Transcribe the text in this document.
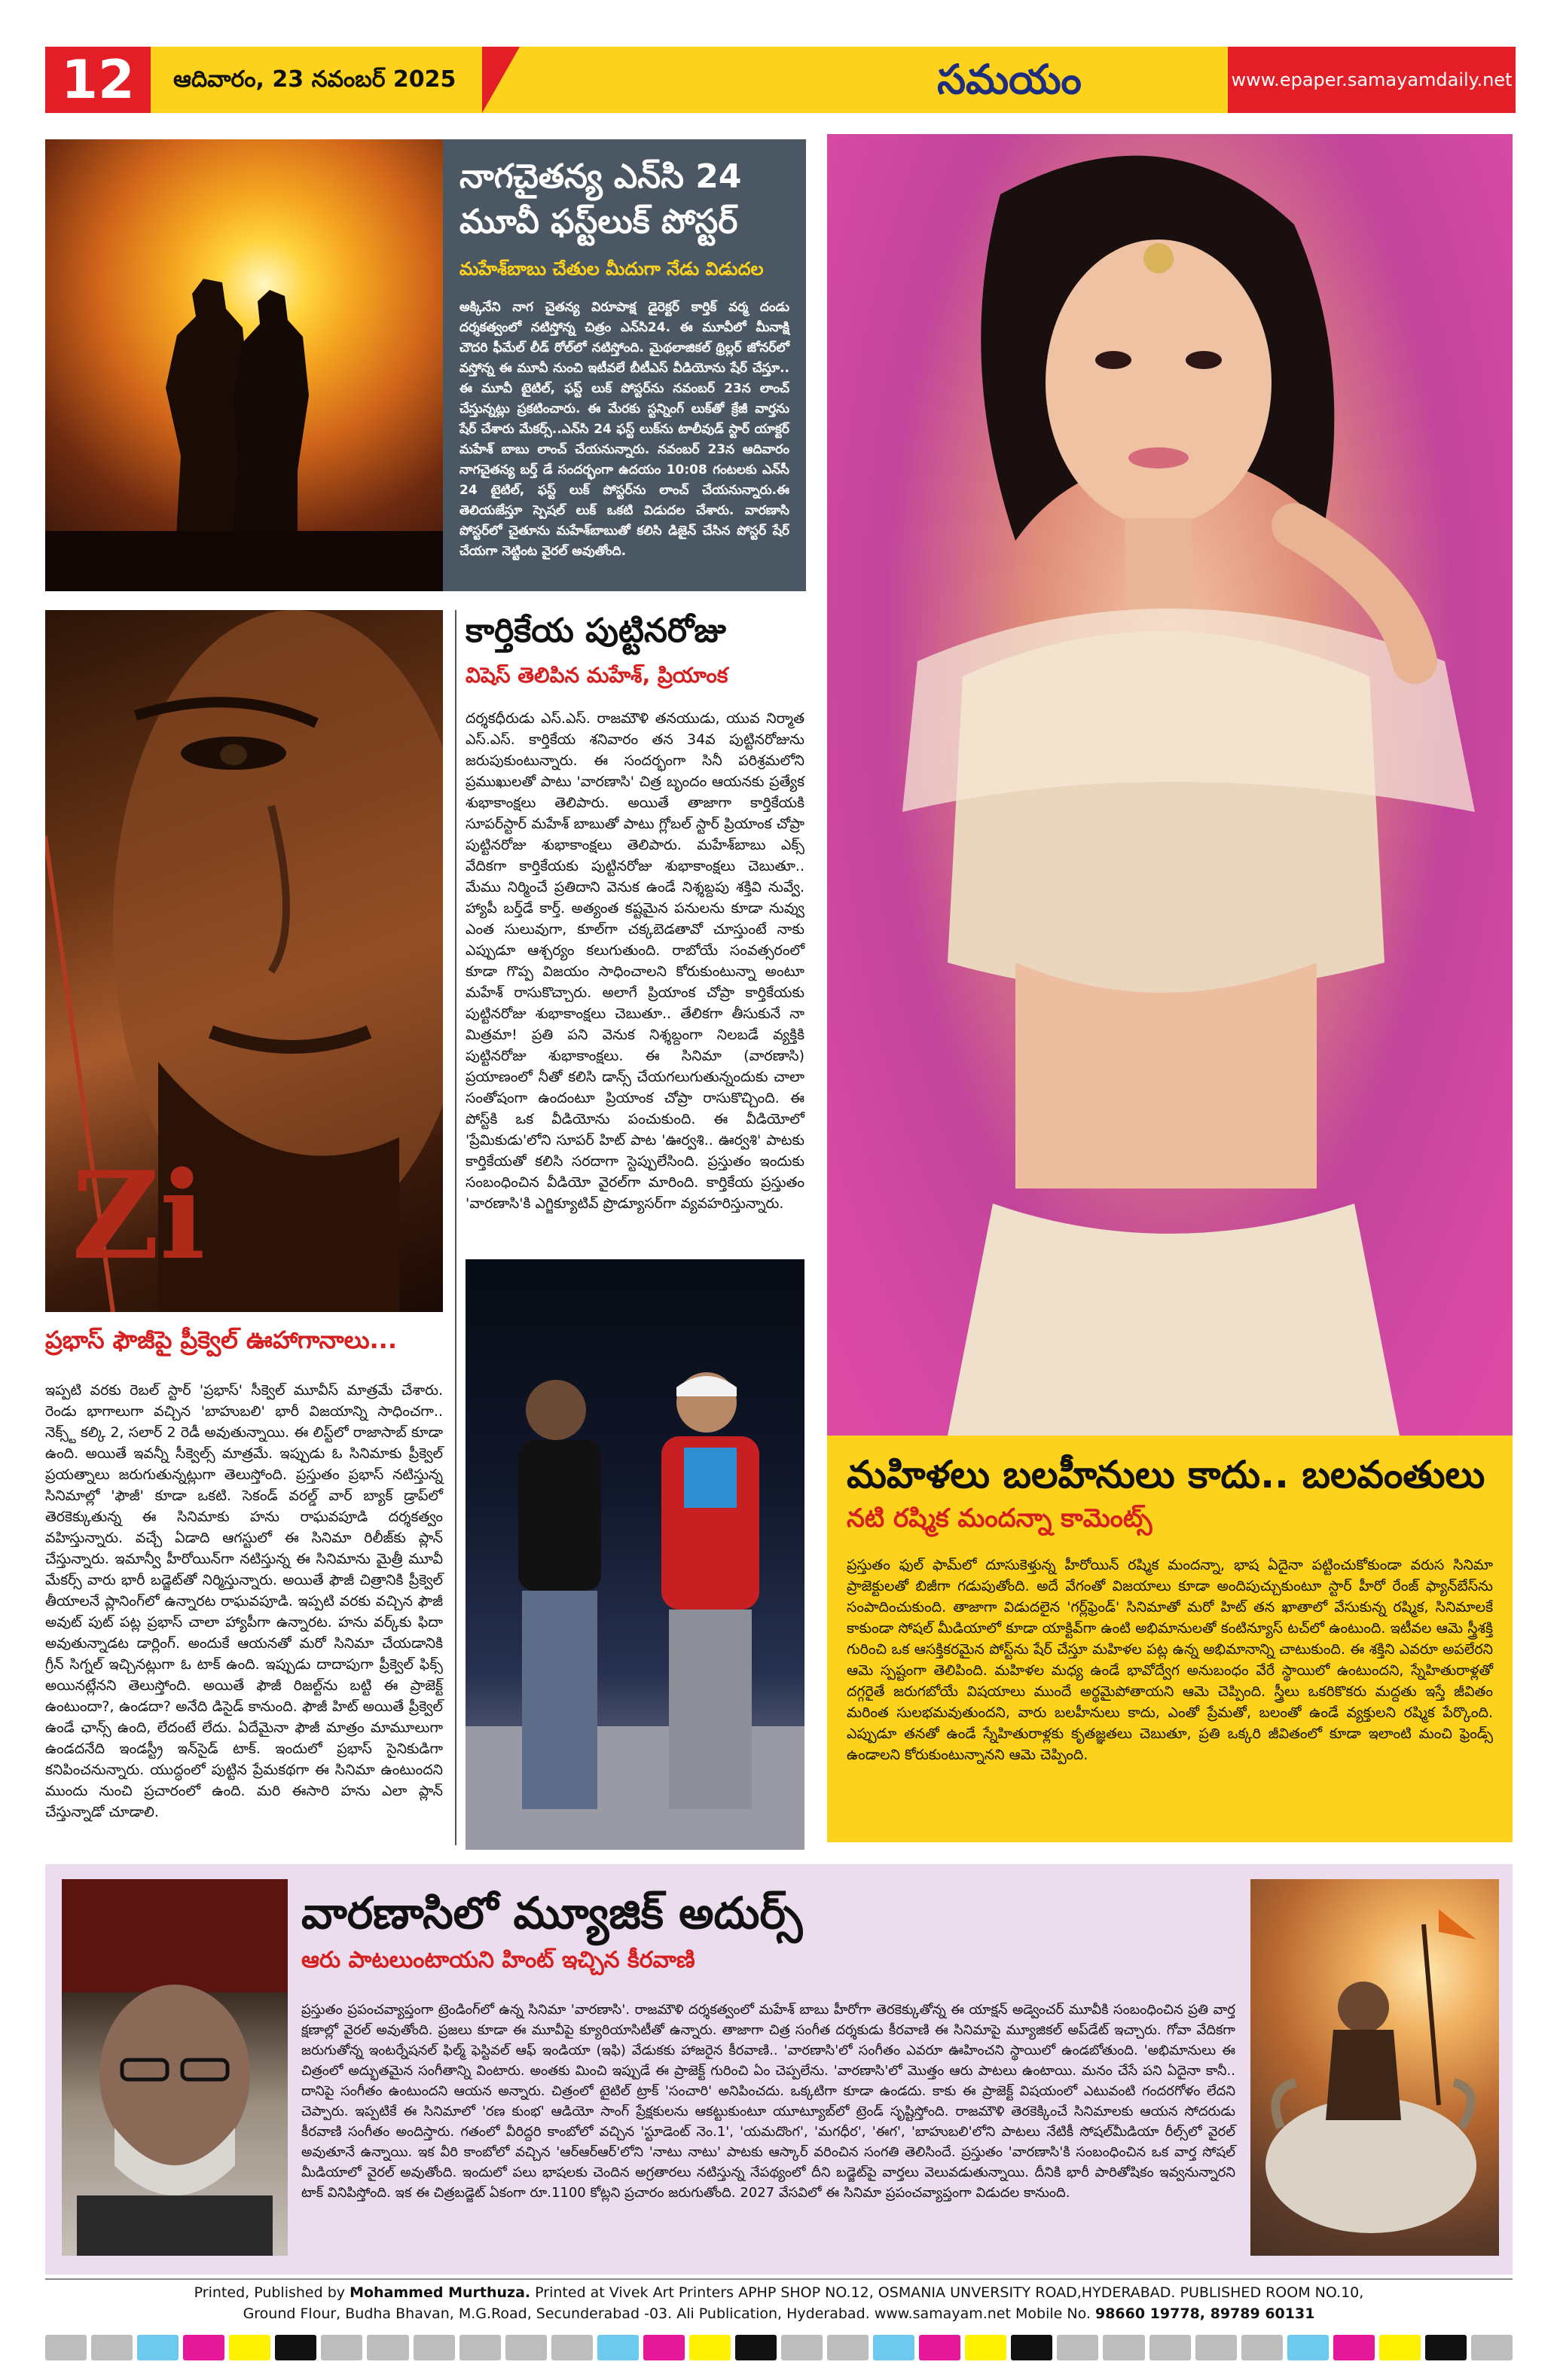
12	ఆదివారం, 23 నవంబర్ 2025	సమయం	www.epaper.samayamdaily.net
నాగచైతన్య ఎన్‌సి 24 మూవీ ఫస్ట్‌లుక్ పోస్టర్
మహేశ్‌బాబు చేతుల మీదుగా నేడు విడుదల
అక్కినేని నాగ చైతన్య విరూపాక్ష డైరెక్టర్ కార్తిక్ వర్మ దండు దర్శకత్వంలో నటిస్తోన్న చిత్రం ఎన్‌సి24. ఈ మూవీలో మీనాక్షి చౌదరి ఫీమేల్ లీడ్ రోల్‌లో నటిస్తోంది. మైథలాజికల్ థ్రిల్లర్ జోనర్‌లో వస్తోన్న ఈ మూవీ నుంచి ఇటీవలే బీటీఎస్ వీడియోను షేర్ చేస్తూ.. ఈ మూవీ టైటిల్, ఫస్ట్ లుక్ పోస్టర్‌ను నవంబర్ 23న లాంచ్ చేస్తున్నట్లు ప్రకటించారు. ఈ మేరకు స్టన్నింగ్ లుక్‌తో క్రేజీ వార్తను షేర్ చేశారు మేకర్స్..ఎన్‌సి 24 ఫస్ట్ లుక్‌ను టాలీవుడ్ స్టార్ యాక్టర్ మహేశ్ బాబు లాంచ్ చేయనున్నారు. నవంబర్ 23న ఆదివారం నాగచైతన్య బర్త్ డే సందర్భంగా ఉదయం 10:08 గంటలకు ఎన్‌సీ 24 టైటిల్, ఫస్ట్ లుక్ పోస్టర్‌ను లాంచ్ చేయనున్నారు.ఈ తెలియజేస్తూ స్పెషల్ లుక్ ఒకటి విడుదల చేశారు. వారణాసి పోస్టర్‌లో చైతూను మహేశ్‌బాబుతో కలిసి డిజైన్ చేసిన పోస్టర్ షేర్ చేయగా నెట్టింట వైరల్ అవుతోంది.
Zi
కార్తికేయ పుట్టినరోజు
విషెస్ తెలిపిన మహేశ్, ప్రియాంక
దర్శకధీరుడు ఎస్.ఎస్. రాజమౌళి తనయుడు, యువ నిర్మాత ఎస్.ఎస్. కార్తికేయ శనివారం తన 34వ పుట్టినరోజును జరుపుకుంటున్నారు. ఈ సందర్భంగా సినీ పరిశ్రమలోని ప్రముఖులతో పాటు 'వారణాసి' చిత్ర బృందం ఆయనకు ప్రత్యేక శుభాకాంక్షలు తెలిపారు. అయితే తాజాగా కార్తికేయకి సూపర్‌స్టార్ మహేశ్ బాబుతో పాటు గ్లోబల్ స్టార్ ప్రియాంక చోప్రా పుట్టినరోజు శుభాకాంక్షలు తెలిపారు. మహేశ్‌బాబు ఎక్స్ వేదికగా కార్తికేయకు పుట్టినరోజు శుభాకాంక్షలు చెబుతూ.. మేము నిర్మించే ప్రతిదాని వెనుక ఉండే నిశ్శబ్దపు శక్తివి నువ్వే. హ్యాపీ బర్త్‌డే కార్త్. అత్యంత కష్టమైన పనులను కూడా నువ్వు ఎంత సులువుగా, కూల్‌గా చక్కబెడతావో చూస్తుంటే నాకు ఎప్పుడూ ఆశ్చర్యం కలుగుతుంది. రాబోయే సంవత్సరంలో కూడా గొప్ప విజయం సాధించాలని కోరుకుంటున్నా అంటూ మహేశ్ రాసుకొచ్చారు. అలాగే ప్రియాంక చోప్రా కార్తికేయకు పుట్టినరోజు శుభాకాంక్షలు చెబుతూ.. తేలికగా తీసుకునే నా మిత్రమా! ప్రతి పని వెనుక నిశ్శబ్దంగా నిలబడే వ్యక్తికి పుట్టినరోజు శుభాకాంక్షలు. ఈ సినిమా (వారణాసి) ప్రయాణంలో నీతో కలిసి డాన్స్ చేయగలుగుతున్నందుకు చాలా సంతోషంగా ఉందంటూ ప్రియాంక చోప్రా రాసుకొచ్చింది. ఈ పోస్ట్‌కి ఒక వీడియోను పంచుకుంది. ఈ వీడియోలో 'ప్రేమికుడు'లోని సూపర్ హిట్ పాట 'ఊర్వశి.. ఊర్వశి' పాటకు కార్తికేయతో కలిసి సరదాగా స్టెప్పులేసింది. ప్రస్తుతం ఇందుకు సంబంధించిన వీడియో వైరల్‌గా మారింది. కార్తికేయ ప్రస్తుతం 'వారణాసి'కి ఎగ్జిక్యూటివ్ ప్రొడ్యూసర్‌గా వ్యవహరిస్తున్నారు.
ప్రభాస్ ఫౌజీపై ప్రీక్వెల్ ఊహాగానాలు...
ఇప్పటి వరకు రెబల్ స్టార్ 'ప్రభాస్' సీక్వెల్ మూవీస్ మాత్రమే చేశారు. రెండు భాగాలుగా వచ్చిన 'బాహుబలి' భారీ విజయాన్ని సాధించగా.. నెక్స్ట్ కల్కి 2, సలార్ 2 రెడీ అవుతున్నాయి. ఈ లిస్ట్‌లో రాజాసాబ్ కూడా ఉంది. అయితే ఇవన్నీ సీక్వెల్స్ మాత్రమే. ఇప్పుడు ఓ సినిమాకు ప్రీక్వెల్ ప్రయత్నాలు జరుగుతున్నట్లుగా తెలుస్తోంది. ప్రస్తుతం ప్రభాస్ నటిస్తున్న సినిమాల్లో 'ఫౌజీ' కూడా ఒకటి. సెకండ్ వరల్డ్ వార్ బ్యాక్ డ్రాప్‌లో తెరకెక్కుతున్న ఈ సినిమాకు హను రాఘవపూడి దర్శకత్వం వహిస్తున్నారు. వచ్చే ఏడాది ఆగస్టులో ఈ సినిమా రిలీజ్‌కు ప్లాన్ చేస్తున్నారు. ఇమాన్వీ హీరోయిన్‌గా నటిస్తున్న ఈ సినిమాను మైత్రీ మూవీ మేకర్స్ వారు భారీ బడ్జెట్‌తో నిర్మిస్తున్నారు. అయితే ఫౌజీ చిత్రానికి ప్రీక్వెల్ తీయాలనే ప్లానింగ్‌లో ఉన్నారట రాఘవపూడి. ఇప్పటి వరకు వచ్చిన ఫౌజీ అవుట్ పుట్ పట్ల ప్రభాస్ చాలా హ్యాపీగా ఉన్నారట. హను వర్క్‌కు ఫిదా అవుతున్నాడట డార్లింగ్. అందుకే ఆయనతో మరో సినిమా చేయడానికి గ్రీన్ సిగ్నల్ ఇచ్చినట్లుగా ఓ టాక్ ఉంది. ఇప్పుడు దాదాపుగా ప్రీక్వెల్ ఫిక్స్ అయినట్లేనని తెలుస్తోంది. అయితే ఫౌజీ రిజల్ట్‌ను బట్టి ఈ ప్రాజెక్ట్ ఉంటుందా?, ఉండదా? అనేది డిసైడ్ కానుంది. ఫౌజీ హిట్ అయితే ప్రీక్వెల్ ఉండే ఛాన్స్ ఉంది, లేదంటే లేదు. ఏదేమైనా ఫౌజీ మాత్రం మామూలుగా ఉండదనేది ఇండస్ట్రీ ఇన్‌సైడ్ టాక్. ఇందులో ప్రభాస్ సైనికుడిగా కనిపించనున్నారు. యుద్ధంలో పుట్టిన ప్రేమకథగా ఈ సినిమా ఉంటుందని ముందు నుంచి ప్రచారంలో ఉంది. మరి ఈసారి హను ఎలా ప్లాన్ చేస్తున్నాడో చూడాలి.
మహిళలు బలహీనులు కాదు.. బలవంతులు
నటి రష్మిక మందన్నా కామెంట్స్
ప్రస్తుతం ఫుల్ ఫామ్‌లో దూసుకెళ్తున్న హీరోయిన్ రష్మిక మందన్నా, భాష ఏదైనా పట్టించుకోకుండా వరుస సినిమా ప్రాజెక్టులతో బిజీగా గడుపుతోంది. అదే వేగంతో విజయాలు కూడా అందిపుచ్చుకుంటూ స్టార్ హీరో రేంజ్ ఫ్యాన్‌బేస్‌ను సంపాదించుకుంది. తాజాగా విడుదలైన 'గర్ల్‌ఫ్రెండ్' సినిమాతో మరో హిట్ తన ఖాతాలో వేసుకున్న రష్మిక, సినిమాలకే కాకుండా సోషల్ మీడియాలో కూడా యాక్టివ్‌గా ఉంటి అభిమానులతో కంటిన్యూస్ టచ్‌లో ఉంటుంది. ఇటీవల ఆమె స్త్రీశక్తి గురించి ఒక ఆసక్తికరమైన పోస్ట్‌ను షేర్ చేస్తూ మహిళల పట్ల ఉన్న అభిమానాన్ని చాటుకుంది. ఈ శక్తిని ఎవరూ అపలేరని ఆమె స్పష్టంగా తెలిపింది. మహిళల మధ్య ఉండే భావోద్వేగ అనుబంధం వేరే స్థాయిలో ఉంటుందని, స్నేహితురాళ్లతో దగ్గరైతే జరుగబోయే విషయాలు ముందే అర్థమైపోతాయని ఆమె చెప్పింది. స్త్రీలు ఒకరికొకరు మద్దతు ఇస్తే జీవితం మరింత సులభమవుతుందని, వారు బలహీనులు కాదు, ఎంతో ప్రేమతో, బలంతో ఉండే వ్యక్తులని రష్మిక పేర్కొంది. ఎప్పుడూ తనతో ఉండే స్నేహితురాళ్లకు కృతజ్ఞతలు చెబుతూ, ప్రతి ఒక్కరి జీవితంలో కూడా ఇలాంటి మంచి ఫ్రెండ్స్ ఉండాలని కోరుకుంటున్నానని ఆమె చెప్పింది.
వారణాసిలో మ్యూజిక్ అదుర్స్
ఆరు పాటలుంటాయని హింట్ ఇచ్చిన కీరవాణి
ప్రస్తుతం ప్రపంచవ్యాప్తంగా ట్రెండింగ్‌లో ఉన్న సినిమా 'వారణాసి'. రాజమౌళి దర్శకత్వంలో మహేశ్ బాబు హీరోగా తెరకెక్కుతోన్న ఈ యాక్షన్ అడ్వెంచర్ మూవీకి సంబంధించిన ప్రతి వార్త క్షణాల్లో వైరల్ అవుతోంది. ప్రజలు కూడా ఈ మూవీపై క్యూరియాసిటీతో ఉన్నారు. తాజాగా చిత్ర సంగీత దర్శకుడు కీరవాణి ఈ సినిమాపై మ్యూజికల్ అప్‌డేట్ ఇచ్చారు. గోవా వేదికగా జరుగుతోన్న ఇంటర్నేషనల్ ఫిల్మ్ ఫెస్టివల్ ఆఫ్ ఇండియా (ఇఫి) వేడుకకు హాజరైన కీరవాణి.. 'వారణాసి'లో సంగీతం ఎవరూ ఊహించని స్థాయిలో ఉండబోతుంది. 'అభిమానులు ఈ చిత్రంలో అద్భుతమైన సంగీతాన్ని వింటారు. అంతకు మించి ఇప్పుడే ఈ ప్రాజెక్ట్ గురించి ఏం చెప్పలేను. 'వారణాసి'లో మొత్తం ఆరు పాటలు ఉంటాయి. మనం చేసే పని ఏదైనా కానీ.. దానిపై సంగీతం ఉంటుందని ఆయన అన్నారు. చిత్రంలో టైటిల్ ట్రాక్ 'సంచారి' అనిపించదు. ఒక్కటిగా కూడా ఉండదు. కాకు ఈ ప్రాజెక్ట్ విషయంలో ఎటువంటి గందరగోళం లేదని చెప్పారు. ఇప్పటికే ఈ సినిమాలో 'రణ కుంభ' ఆడియో సాంగ్ ప్రేక్షకులను ఆకట్టుకుంటూ యూట్యూబ్‌లో ట్రెండ్ సృష్టిస్తోంది. రాజమౌళి తెరకెక్కించే సినిమాలకు ఆయన సోదరుడు కీరవాణి సంగీతం అందిస్తారు. గతంలో వీరిద్దరి కాంబోలో వచ్చిన 'స్టూడెంట్ నెం.1', 'యమదొంగ', 'మగధీర', 'ఈగ', 'బాహుబలి'లోని పాటలు నేటికీ సోషల్‌మీడియా రీల్స్‌లో వైరల్ అవుతూనే ఉన్నాయి. ఇక వీరి కాంబోలో వచ్చిన 'ఆర్ఆర్ఆర్'లోని 'నాటు నాటు' పాటకు ఆస్కార్ వరించిన సంగతి తెలిసిందే. ప్రస్తుతం 'వారణాసి'కి సంబంధించిన ఒక వార్త సోషల్ మీడియాలో వైరల్ అవుతోంది. ఇందులో పలు భాషలకు చెందిన అగ్రతారలు నటిస్తున్న నేపథ్యంలో దీని బడ్జెట్‌పై వార్తలు వెలువడుతున్నాయి. దీనికి భారీ పారితోషికం ఇవ్వనున్నారని టాక్ వినిపిస్తోంది. ఇక ఈ చిత్రబడ్జెట్ ఏకంగా రూ.1100 కోట్లని ప్రచారం జరుగుతోంది. 2027 వేసవిలో ఈ సినిమా ప్రపంచవ్యాప్తంగా విడుదల కానుంది.
Printed, Published by Mohammed Murthuza. Printed at Vivek Art Printers APHP SHOP NO.12, OSMANIA UNVERSITY ROAD,HYDERABAD. PUBLISHED ROOM NO.10,
Ground Flour, Budha Bhavan, M.G.Road, Secunderabad -03. Ali Publication, Hyderabad. www.samayam.net Mobile No. 98660 19778, 89789 60131
